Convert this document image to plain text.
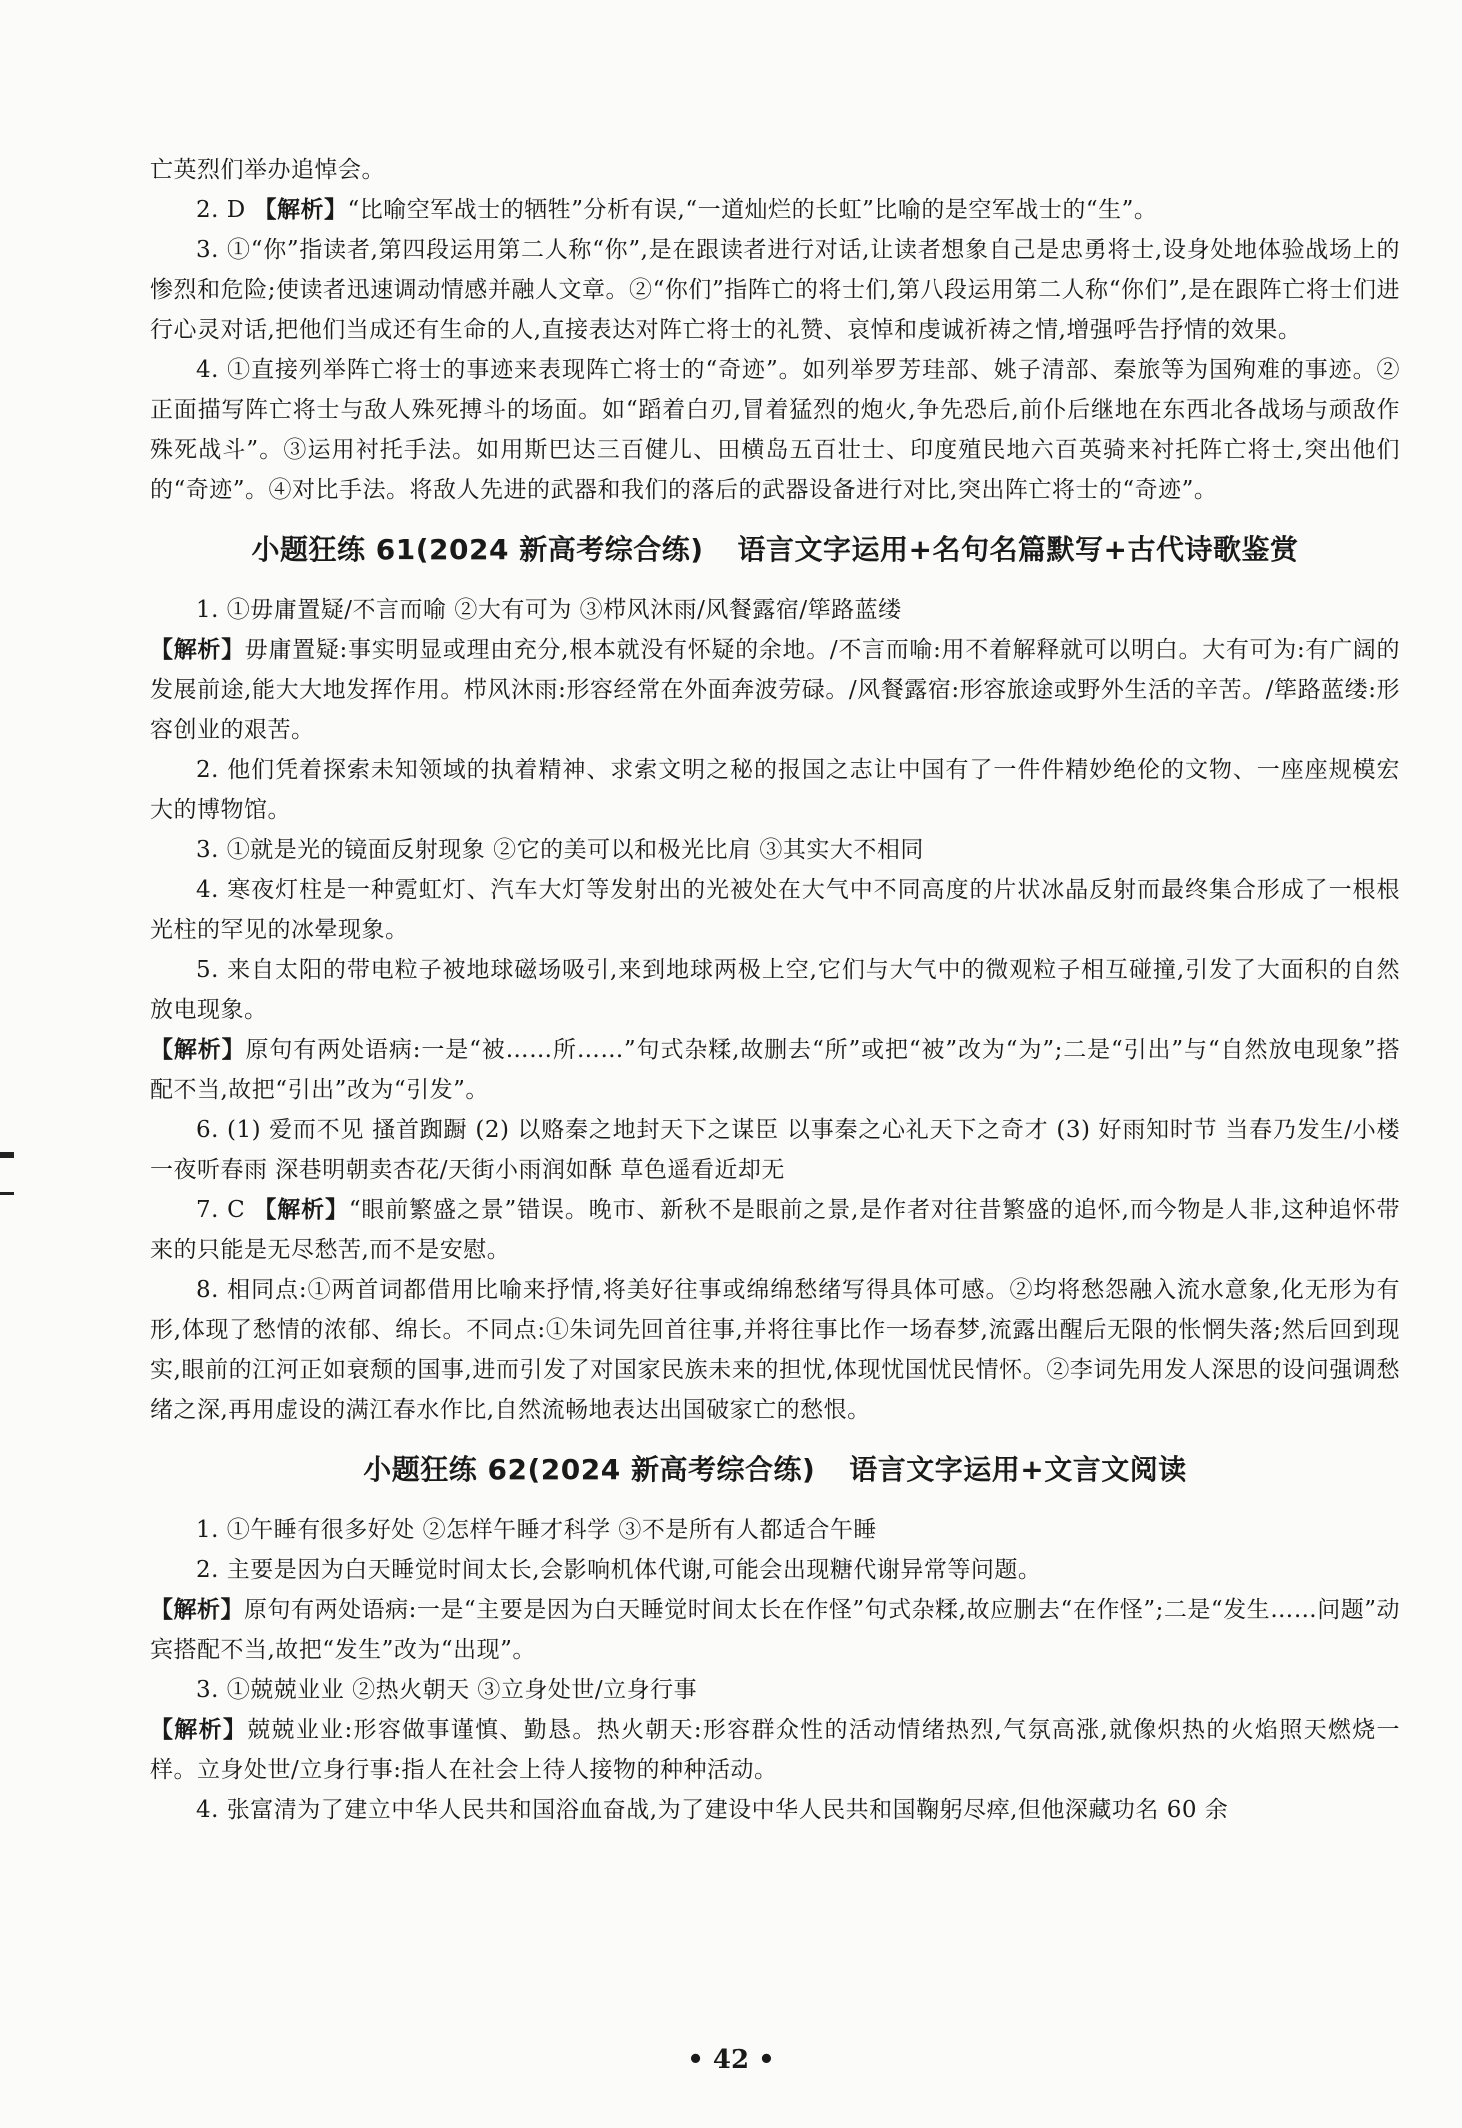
亡英烈们举办追悼会。

2. D 【解析】“比喻空军战士的牺牲”分析有误,“一道灿烂的长虹”比喻的是空军战士的“生”。

3. ①“你”指读者,第四段运用第二人称“你”,是在跟读者进行对话,让读者想象自己是忠勇将士,设身处地体验战场上的惨烈和危险;使读者迅速调动情感并融人文章。②“你们”指阵亡的将士们,第八段运用第二人称“你们”,是在跟阵亡将士们进行心灵对话,把他们当成还有生命的人,直接表达对阵亡将士的礼赞、哀悼和虔诚祈祷之情,增强呼告抒情的效果。

4. ①直接列举阵亡将士的事迹来表现阵亡将士的“奇迹”。如列举罗芳珪部、姚子清部、秦旅等为国殉难的事迹。②正面描写阵亡将士与敌人殊死搏斗的场面。如“蹈着白刃,冒着猛烈的炮火,争先恐后,前仆后继地在东西北各战场与顽敌作殊死战斗”。③运用衬托手法。如用斯巴达三百健儿、田横岛五百壮士、印度殖民地六百英骑来衬托阵亡将士,突出他们的“奇迹”。④对比手法。将敌人先进的武器和我们的落后的武器设备进行对比,突出阵亡将士的“奇迹”。

小题狂练 61(2024 新高考综合练) 语言文字运用+名句名篇默写+古代诗歌鉴赏

1. ①毋庸置疑/不言而喻 ②大有可为 ③栉风沐雨/风餐露宿/筚路蓝缕

【解析】毋庸置疑:事实明显或理由充分,根本就没有怀疑的余地。/不言而喻:用不着解释就可以明白。大有可为:有广阔的发展前途,能大大地发挥作用。栉风沐雨:形容经常在外面奔波劳碌。/风餐露宿:形容旅途或野外生活的辛苦。/筚路蓝缕:形容创业的艰苦。

2. 他们凭着探索未知领域的执着精神、求索文明之秘的报国之志让中国有了一件件精妙绝伦的文物、一座座规模宏大的博物馆。

3. ①就是光的镜面反射现象 ②它的美可以和极光比肩 ③其实大不相同

4. 寒夜灯柱是一种霓虹灯、汽车大灯等发射出的光被处在大气中不同高度的片状冰晶反射而最终集合形成了一根根光柱的罕见的冰晕现象。

5. 来自太阳的带电粒子被地球磁场吸引,来到地球两极上空,它们与大气中的微观粒子相互碰撞,引发了大面积的自然放电现象。

【解析】原句有两处语病:一是“被……所……”句式杂糅,故删去“所”或把“被”改为“为”;二是“引出”与“自然放电现象”搭配不当,故把“引出”改为“引发”。

6. (1) 爱而不见 搔首踟蹰 (2) 以赂秦之地封天下之谋臣 以事秦之心礼天下之奇才 (3) 好雨知时节 当春乃发生/小楼一夜听春雨 深巷明朝卖杏花/天街小雨润如酥 草色遥看近却无

7. C 【解析】“眼前繁盛之景”错误。晚市、新秋不是眼前之景,是作者对往昔繁盛的追怀,而今物是人非,这种追怀带来的只能是无尽愁苦,而不是安慰。

8. 相同点:①两首词都借用比喻来抒情,将美好往事或绵绵愁绪写得具体可感。②均将愁怨融入流水意象,化无形为有形,体现了愁情的浓郁、绵长。不同点:①朱词先回首往事,并将往事比作一场春梦,流露出醒后无限的怅惘失落;然后回到现实,眼前的江河正如衰颓的国事,进而引发了对国家民族未来的担忧,体现忧国忧民情怀。②李词先用发人深思的设问强调愁绪之深,再用虚设的满江春水作比,自然流畅地表达出国破家亡的愁恨。

小题狂练 62(2024 新高考综合练) 语言文字运用+文言文阅读

1. ①午睡有很多好处 ②怎样午睡才科学 ③不是所有人都适合午睡

2. 主要是因为白天睡觉时间太长,会影响机体代谢,可能会出现糖代谢异常等问题。

【解析】原句有两处语病:一是“主要是因为白天睡觉时间太长在作怪”句式杂糅,故应删去“在作怪”;二是“发生……问题”动宾搭配不当,故把“发生”改为“出现”。

3. ①兢兢业业 ②热火朝天 ③立身处世/立身行事

【解析】兢兢业业:形容做事谨慎、勤恳。热火朝天:形容群众性的活动情绪热烈,气氛高涨,就像炽热的火焰照天燃烧一样。立身处世/立身行事:指人在社会上待人接物的种种活动。

4. 张富清为了建立中华人民共和国浴血奋战,为了建设中华人民共和国鞠躬尽瘁,但他深藏功名 60 余

• 42 •
